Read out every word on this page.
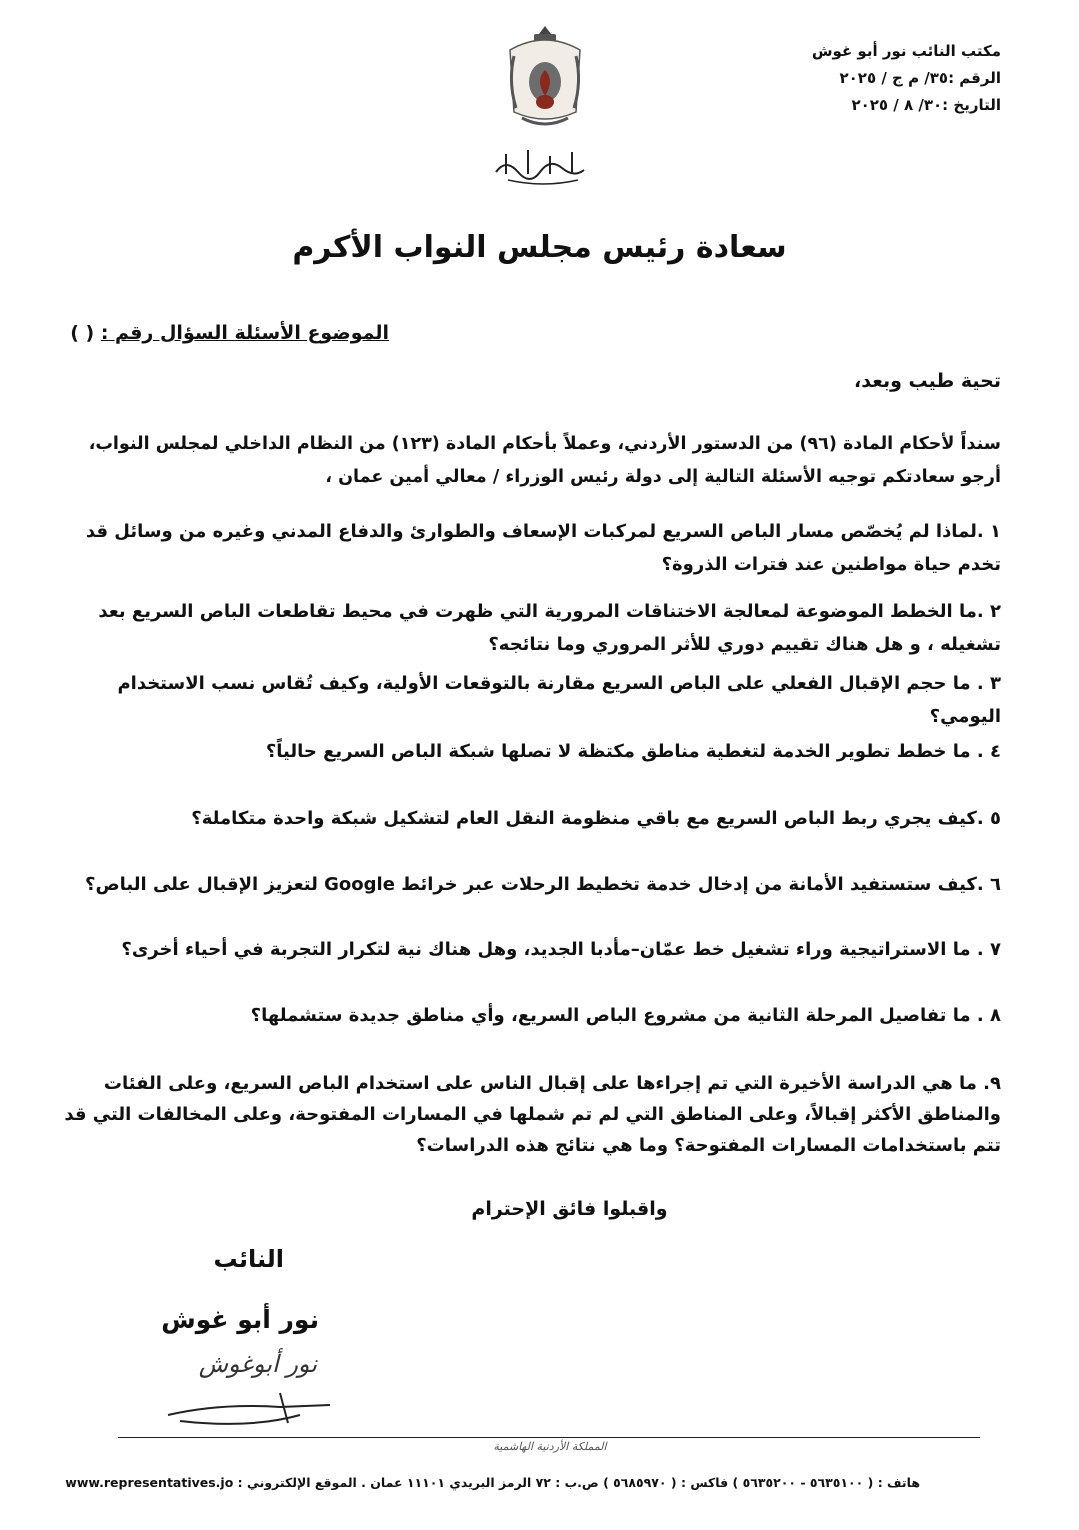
مكتب النائب نور أبو غوش
الرقم :٣٥/ م ج / ٢٠٢٥
التاريخ :٣٠/ ٨ / ٢٠٢٥
سعادة رئيس مجلس النواب الأكرم
الموضوع الأسئلة السؤال رقم : ( )
تحية طيب وبعد،
سنداً لأحكام المادة (٩٦) من الدستور الأردني، وعملاً بأحكام المادة (١٢٣) من النظام الداخلي لمجلس النواب،
أرجو سعادتكم توجيه الأسئلة التالية إلى دولة رئيس الوزراء / معالي أمين عمان ،
١ .لماذا لم يُخصّص مسار الباص السريع لمركبات الإسعاف والطوارئ والدفاع المدني وغيره من وسائل قد تخدم حياة مواطنين عند فترات الذروة؟
٢ .ما الخطط الموضوعة لمعالجة الاختناقات المرورية التي ظهرت في محيط تقاطعات الباص السريع بعد تشغيله ، و هل هناك تقييم دوري للأثر المروري وما نتائجه؟
٣ . ما حجم الإقبال الفعلي على الباص السريع مقارنة بالتوقعات الأولية، وكيف تُقاس نسب الاستخدام اليومي؟
٤ . ما خطط تطوير الخدمة لتغطية مناطق مكتظة لا تصلها شبكة الباص السريع حالياً؟
٥ .كيف يجري ربط الباص السريع مع باقي منظومة النقل العام لتشكيل شبكة واحدة متكاملة؟
٦ .كيف ستستفيد الأمانة من إدخال خدمة تخطيط الرحلات عبر خرائط Google لتعزيز الإقبال على الباص؟
٧ . ما الاستراتيجية وراء تشغيل خط عمّان–مأدبا الجديد، وهل هناك نية لتكرار التجربة في أحياء أخرى؟
٨ . ما تفاصيل المرحلة الثانية من مشروع الباص السريع، وأي مناطق جديدة ستشملها؟
٩. ما هي الدراسة الأخيرة التي تم إجراءها على إقبال الناس على استخدام الباص السريع، وعلى الفئات والمناطق الأكثر إقبالاً، وعلى المناطق التي لم تم شملها في المسارات المفتوحة، وعلى المخالفات التي قد تتم باستخدامات المسارات المفتوحة؟ وما هي نتائج هذه الدراسات؟
واقبلوا فائق الإحترام
النائب
نور أبو غوش
نور أبوغوش
المملكة الأردنية الهاشمية
هاتف : ( ٥٦٣٥١٠٠ - ٥٦٣٥٢٠٠ ) فاكس : ( ٥٦٨٥٩٧٠ ) ص.ب : ٧٢ الرمز البريدي ١١١٠١ عمان . الموقع الإلكتروني : www.representatives.jo
